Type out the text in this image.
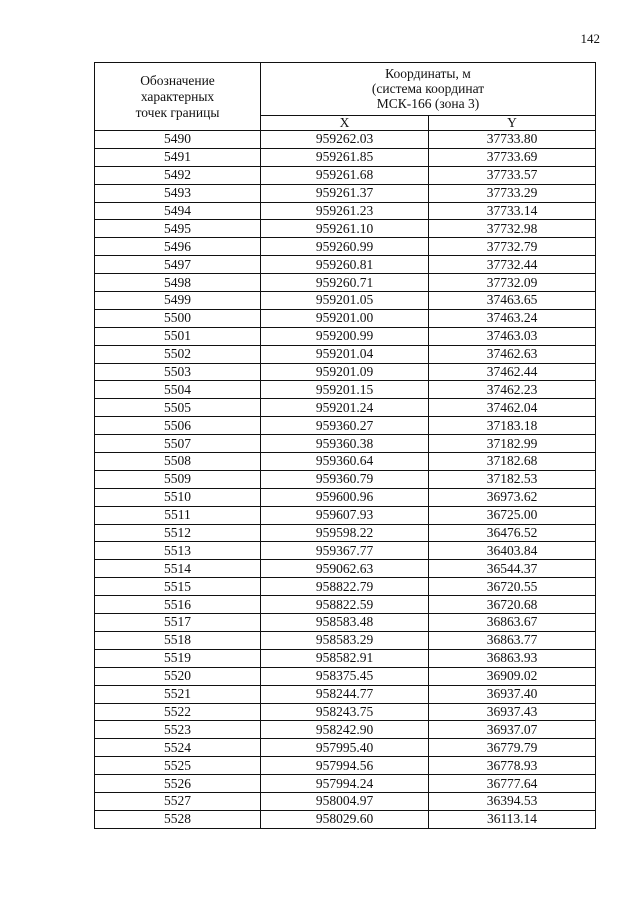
142
Обозначение
характерных
точек границы	Координаты, м
(система координат
МСК-166 (зона 3)	
	X	Y
5490	959262.03	37733.80
5491	959261.85	37733.69
5492	959261.68	37733.57
5493	959261.37	37733.29
5494	959261.23	37733.14
5495	959261.10	37732.98
5496	959260.99	37732.79
5497	959260.81	37732.44
5498	959260.71	37732.09
5499	959201.05	37463.65
5500	959201.00	37463.24
5501	959200.99	37463.03
5502	959201.04	37462.63
5503	959201.09	37462.44
5504	959201.15	37462.23
5505	959201.24	37462.04
5506	959360.27	37183.18
5507	959360.38	37182.99
5508	959360.64	37182.68
5509	959360.79	37182.53
5510	959600.96	36973.62
5511	959607.93	36725.00
5512	959598.22	36476.52
5513	959367.77	36403.84
5514	959062.63	36544.37
5515	958822.79	36720.55
5516	958822.59	36720.68
5517	958583.48	36863.67
5518	958583.29	36863.77
5519	958582.91	36863.93
5520	958375.45	36909.02
5521	958244.77	36937.40
5522	958243.75	36937.43
5523	958242.90	36937.07
5524	957995.40	36779.79
5525	957994.56	36778.93
5526	957994.24	36777.64
5527	958004.97	36394.53
5528	958029.60	36113.14
